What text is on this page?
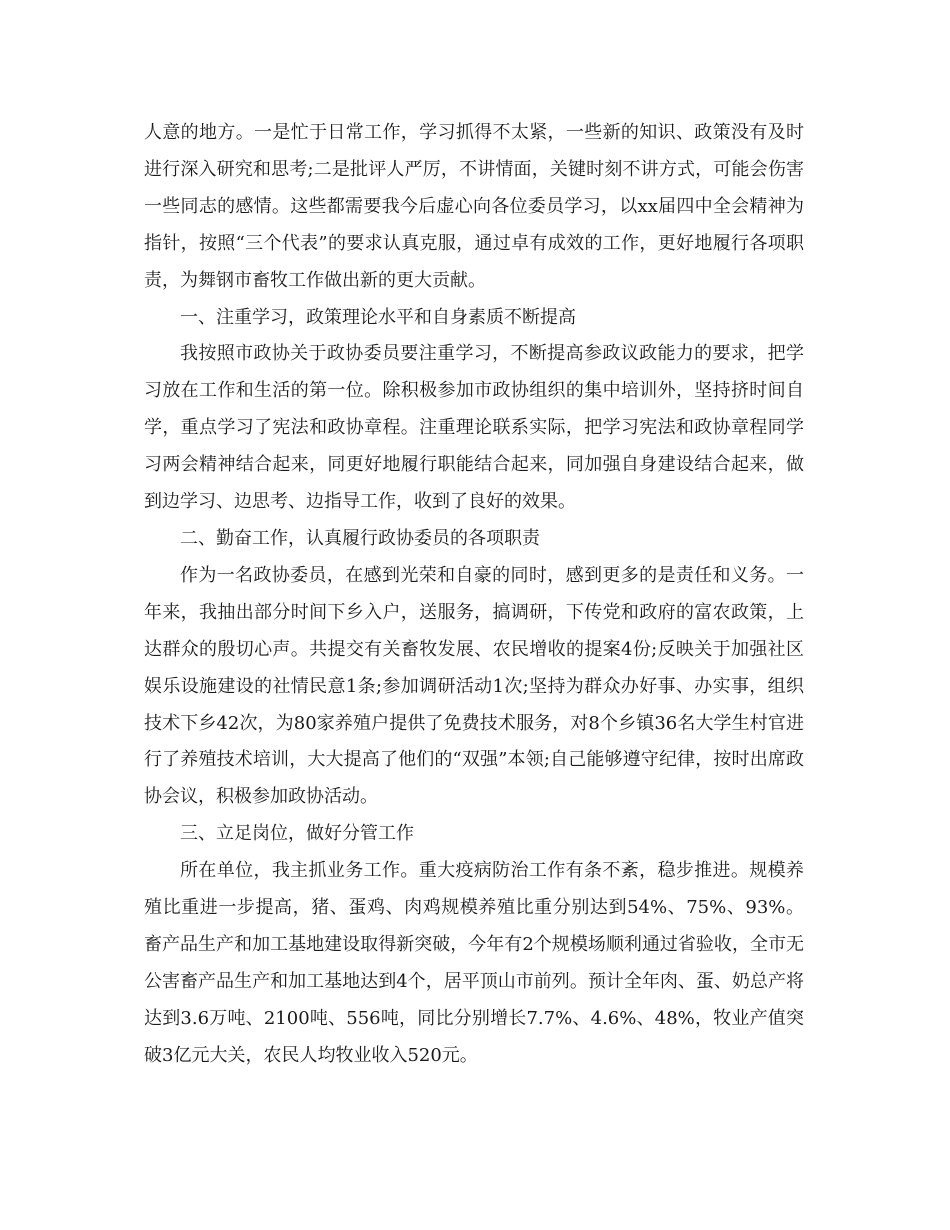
人意的地方。一是忙于日常工作，学习抓得不太紧，一些新的知识、政策没有及时进行深入研究和思考;二是批评人严厉，不讲情面，关键时刻不讲方式，可能会伤害一些同志的感情。这些都需要我今后虚心向各位委员学习，以xx届四中全会精神为指针，按照“三个代表”的要求认真克服，通过卓有成效的工作，更好地履行各项职责，为舞钢市畜牧工作做出新的更大贡献。

一、注重学习，政策理论水平和自身素质不断提高

我按照市政协关于政协委员要注重学习，不断提高参政议政能力的要求，把学习放在工作和生活的第一位。除积极参加市政协组织的集中培训外，坚持挤时间自学，重点学习了宪法和政协章程。注重理论联系实际，把学习宪法和政协章程同学习两会精神结合起来，同更好地履行职能结合起来，同加强自身建设结合起来，做到边学习、边思考、边指导工作，收到了良好的效果。

二、勤奋工作，认真履行政协委员的各项职责

作为一名政协委员，在感到光荣和自豪的同时，感到更多的是责任和义务。一年来，我抽出部分时间下乡入户，送服务，搞调研，下传党和政府的富农政策，上达群众的殷切心声。共提交有关畜牧发展、农民增收的提案4份;反映关于加强社区娱乐设施建设的社情民意1条;参加调研活动1次;坚持为群众办好事、办实事，组织技术下乡42次，为80家养殖户提供了免费技术服务，对8个乡镇36名大学生村官进行了养殖技术培训，大大提高了他们的“双强”本领;自己能够遵守纪律，按时出席政协会议，积极参加政协活动。

三、立足岗位，做好分管工作

所在单位，我主抓业务工作。重大疫病防治工作有条不紊，稳步推进。规模养殖比重进一步提高，猪、蛋鸡、肉鸡规模养殖比重分别达到54%、75%、93%。畜产品生产和加工基地建设取得新突破，今年有2个规模场顺利通过省验收，全市无公害畜产品生产和加工基地达到4个，居平顶山市前列。预计全年肉、蛋、奶总产将达到3.6万吨、2100吨、556吨，同比分别增长7.7%、4.6%、48%，牧业产值突破3亿元大关，农民人均牧业收入520元。
